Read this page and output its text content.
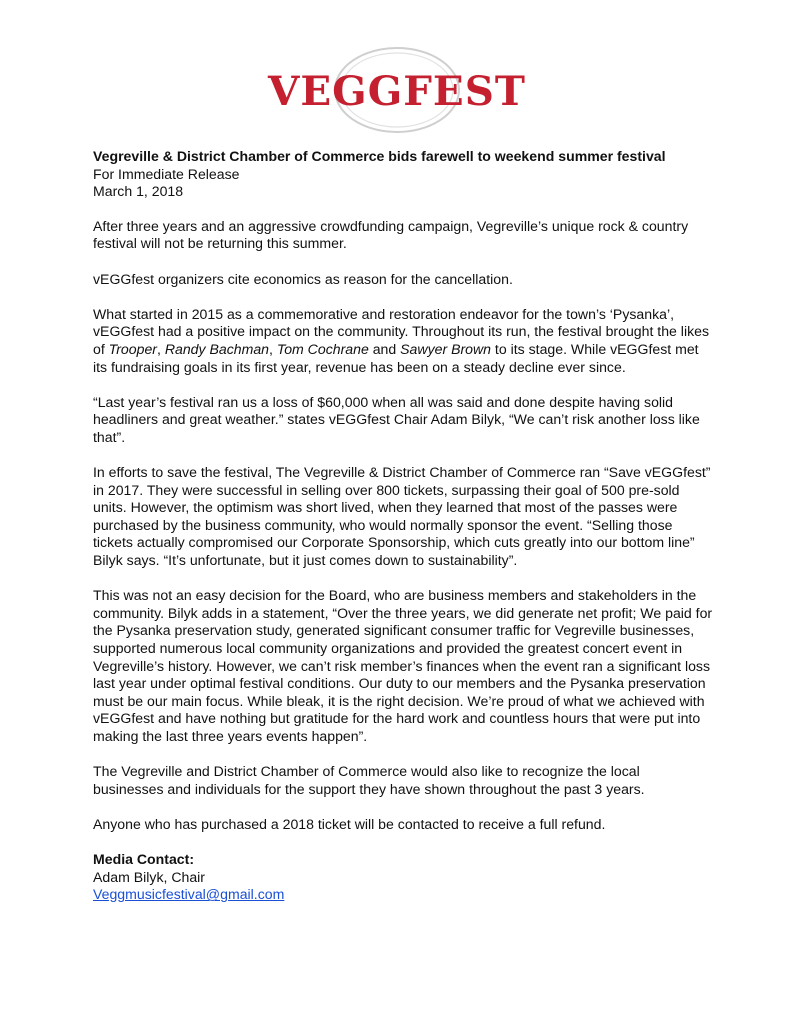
VEGGFEST

Vegreville & District Chamber of Commerce bids farewell to weekend summer festival

For Immediate Release

March 1, 2018

After three years and an aggressive crowdfunding campaign, Vegreville’s unique rock & country festival will not be returning this summer.

vEGGfest organizers cite economics as reason for the cancellation.

What started in 2015 as a commemorative and restoration endeavor for the town’s ‘Pysanka’, vEGGfest had a positive impact on the community. Throughout its run, the festival brought the likes of Trooper, Randy Bachman, Tom Cochrane and Sawyer Brown to its stage. While vEGGfest met its fundraising goals in its first year, revenue has been on a steady decline ever since.

“Last year’s festival ran us a loss of $60,000 when all was said and done despite having solid headliners and great weather.” states vEGGfest Chair Adam Bilyk, “We can’t risk another loss like that”.

In efforts to save the festival, The Vegreville & District Chamber of Commerce ran “Save vEGGfest” in 2017. They were successful in selling over 800 tickets, surpassing their goal of 500 pre-sold units. However, the optimism was short lived, when they learned that most of the passes were purchased by the business community, who would normally sponsor the event. “Selling those tickets actually compromised our Corporate Sponsorship, which cuts greatly into our bottom line” Bilyk says. “It’s unfortunate, but it just comes down to sustainability”.

This was not an easy decision for the Board, who are business members and stakeholders in the community. Bilyk adds in a statement, “Over the three years, we did generate net profit; We paid for the Pysanka preservation study, generated significant consumer traffic for Vegreville businesses, supported numerous local community organizations and provided the greatest concert event in Vegreville’s history. However, we can’t risk member’s finances when the event ran a significant loss last year under optimal festival conditions. Our duty to our members and the Pysanka preservation must be our main focus. While bleak, it is the right decision. We’re proud of what we achieved with vEGGfest and have nothing but gratitude for the hard work and countless hours that were put into making the last three years events happen”.

The Vegreville and District Chamber of Commerce would also like to recognize the local businesses and individuals for the support they have shown throughout the past 3 years.

Anyone who has purchased a 2018 ticket will be contacted to receive a full refund.

Media Contact:

Adam Bilyk, Chair

Veggmusicfestival@gmail.com
